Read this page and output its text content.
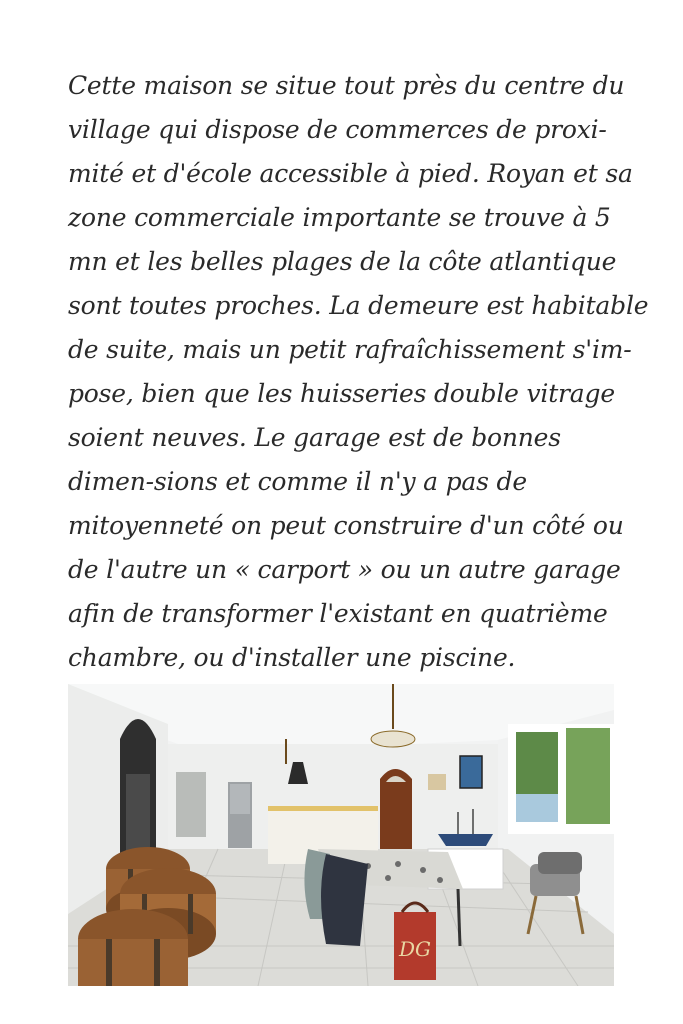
Cette maison se situe tout près du centre du
village qui dispose de commerces de proxi-
mité et d'école accessible à pied. Royan et sa
zone commerciale importante se trouve à 5
mn et les belles plages de la côte atlantique
sont toutes proches. La demeure est habitable
de suite, mais un petit rafraîchissement s'im-
pose, bien que les huisseries double vitrage
soient neuves. Le garage est de bonnes
dimen-sions et comme il n'y a pas de
mitoyenneté on peut construire d'un côté ou
de l'autre un « carport » ou un autre garage
afin de transformer l'existant en quatrième
chambre, ou d'installer une piscine.
DG
